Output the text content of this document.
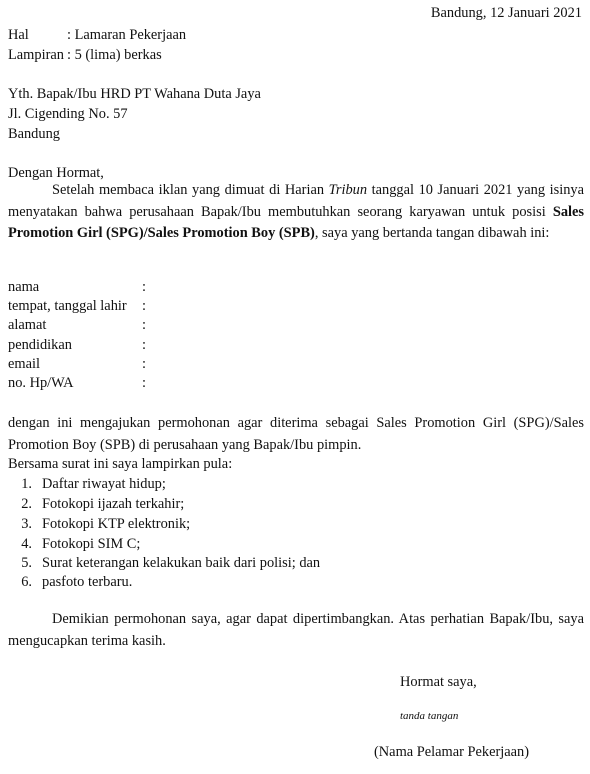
Bandung, 12 Januari 2021
Hal	: Lamaran Pekerjaan
Lampiran : 5 (lima) berkas
Yth. Bapak/Ibu HRD PT Wahana Duta Jaya
Jl. Cigending No. 57
Bandung
Dengan Hormat,
Setelah membaca iklan yang dimuat di Harian Tribun tanggal 10 Januari 2021 yang isinya menyatakan bahwa perusahaan Bapak/Ibu membutuhkan seorang karyawan untuk posisi Sales Promotion Girl (SPG)/Sales Promotion Boy (SPB), saya yang bertanda tangan dibawah ini:
nama	:
tempat, tanggal lahir :
alamat	:
pendidikan	:
email	:
no. Hp/WA	:
dengan ini mengajukan permohonan agar diterima sebagai Sales Promotion Girl (SPG)/Sales Promotion Boy (SPB) di perusahaan yang Bapak/Ibu pimpin.
Bersama surat ini saya lampirkan pula:
1. Daftar riwayat hidup;
2. Fotokopi ijazah terkahir;
3. Fotokopi KTP elektronik;
4. Fotokopi SIM C;
5. Surat keterangan kelakukan baik dari polisi; dan
6. pasfoto terbaru.
Demikian permohonan saya, agar dapat dipertimbangkan. Atas perhatian Bapak/Ibu, saya mengucapkan terima kasih.
Hormat saya,
tanda tangan
(Nama Pelamar Pekerjaan)
